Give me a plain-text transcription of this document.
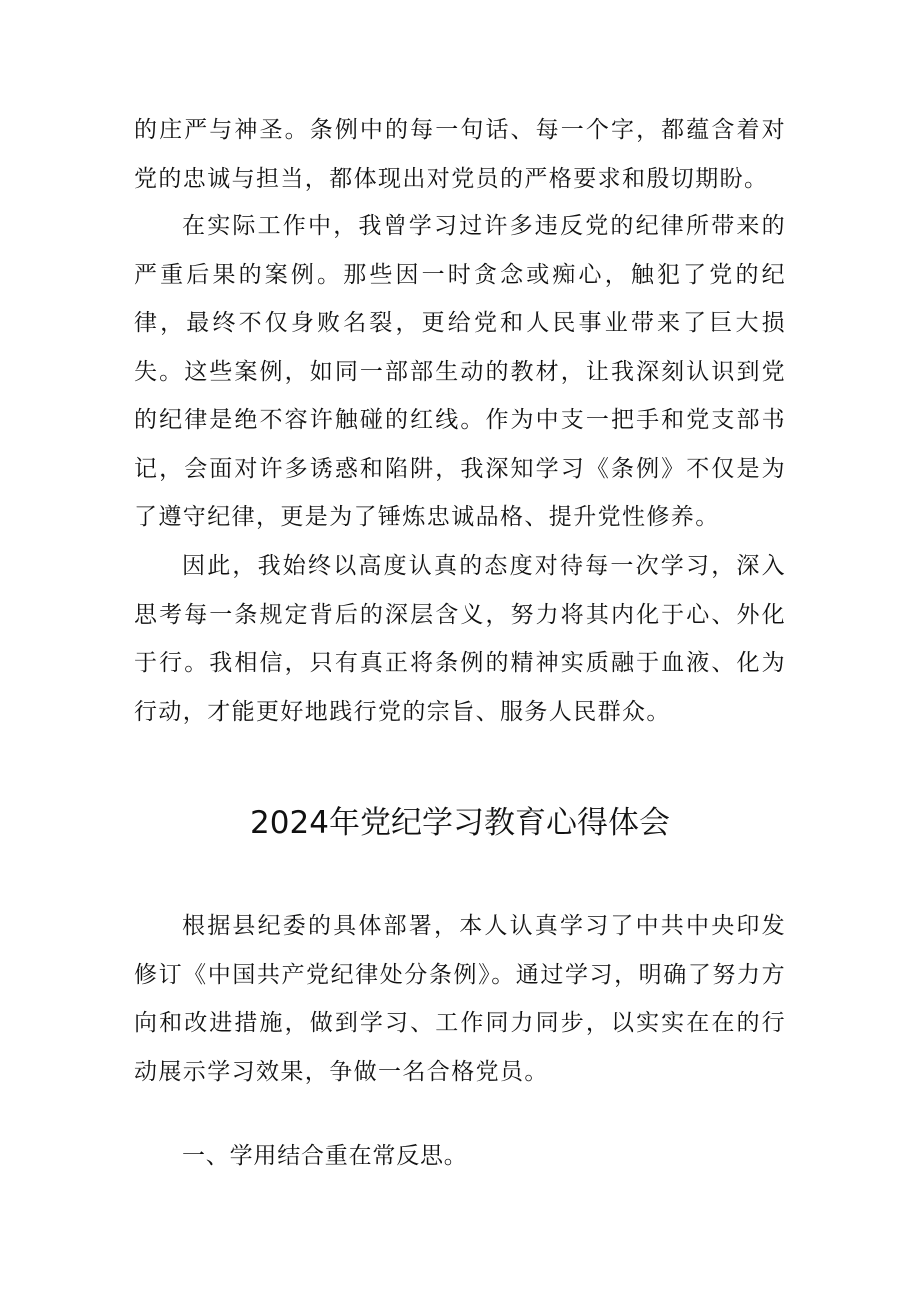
的庄严与神圣。条例中的每一句话、每一个字，都蕴含着对党的忠诚与担当，都体现出对党员的严格要求和殷切期盼。

在实际工作中，我曾学习过许多违反党的纪律所带来的严重后果的案例。那些因一时贪念或痴心，触犯了党的纪律，最终不仅身败名裂，更给党和人民事业带来了巨大损失。这些案例，如同一部部生动的教材，让我深刻认识到党的纪律是绝不容许触碰的红线。作为中支一把手和党支部书记，会面对许多诱惑和陷阱，我深知学习《条例》不仅是为了遵守纪律，更是为了锤炼忠诚品格、提升党性修养。

因此，我始终以高度认真的态度对待每一次学习，深入思考每一条规定背后的深层含义，努力将其内化于心、外化于行。我相信，只有真正将条例的精神实质融于血液、化为行动，才能更好地践行党的宗旨、服务人民群众。

2024年党纪学习教育心得体会

根据县纪委的具体部署，本人认真学习了中共中央印发修订《中国共产党纪律处分条例》。通过学习，明确了努力方向和改进措施，做到学习、工作同力同步，以实实在在的行动展示学习效果，争做一名合格党员。

一、学用结合重在常反思。
